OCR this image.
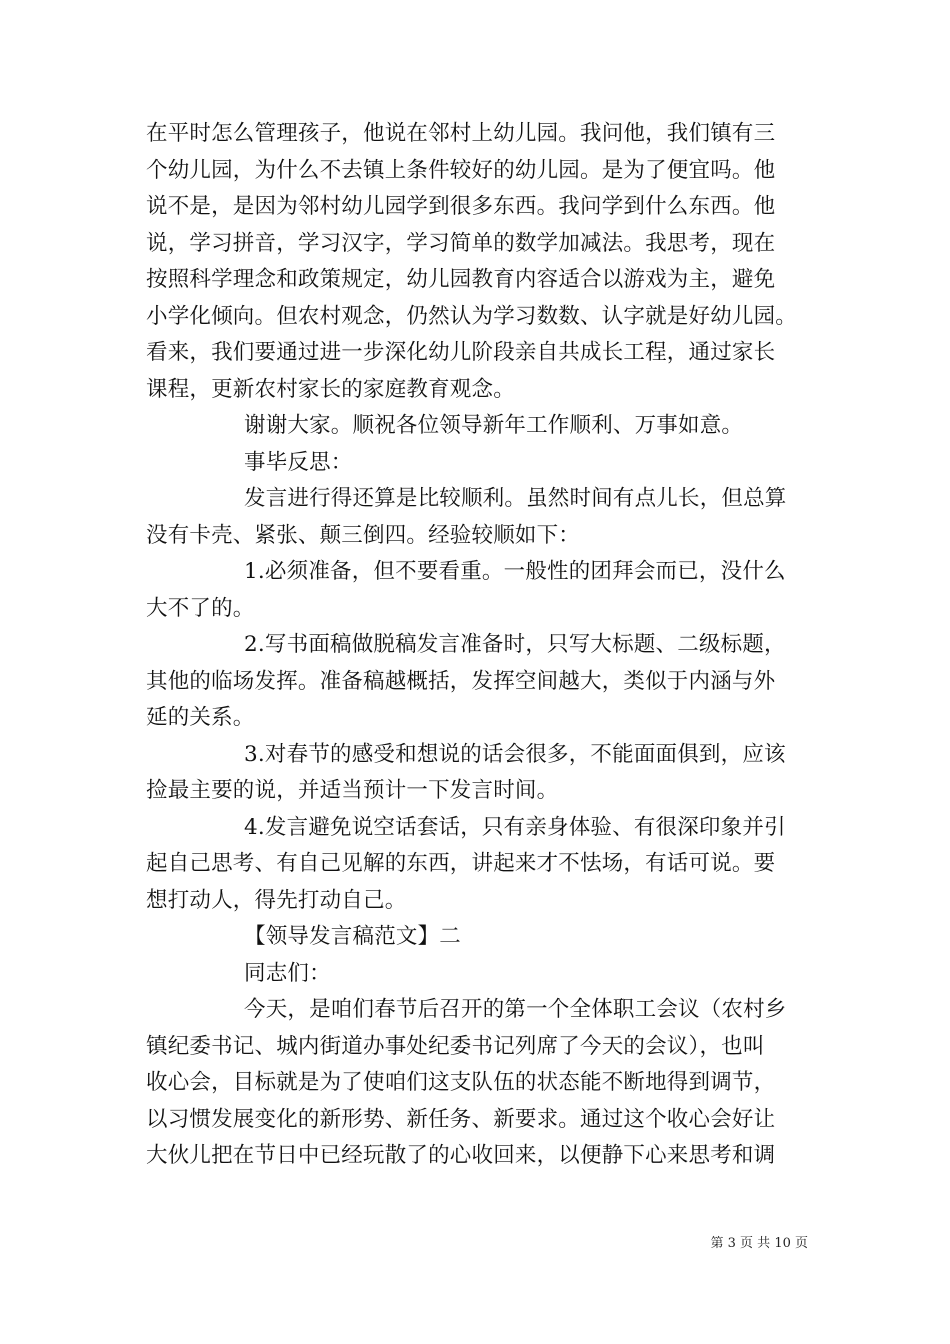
在平时怎么管理孩子，他说在邻村上幼儿园。我问他，我们镇有三
个幼儿园，为什么不去镇上条件较好的幼儿园。是为了便宜吗。他
说不是，是因为邻村幼儿园学到很多东西。我问学到什么东西。他
说，学习拼音，学习汉字，学习简单的数学加减法。我思考，现在
按照科学理念和政策规定，幼儿园教育内容适合以游戏为主，避免
小学化倾向。但农村观念，仍然认为学习数数、认字就是好幼儿园。
看来，我们要通过进一步深化幼儿阶段亲自共成长工程，通过家长
课程，更新农村家长的家庭教育观念。
谢谢大家。顺祝各位领导新年工作顺利、万事如意。
事毕反思：
发言进行得还算是比较顺利。虽然时间有点儿长，但总算
没有卡壳、紧张、颠三倒四。经验较顺如下：
1.必须准备，但不要看重。一般性的团拜会而已，没什么
大不了的。
2.写书面稿做脱稿发言准备时，只写大标题、二级标题，
其他的临场发挥。准备稿越概括，发挥空间越大，类似于内涵与外
延的关系。
3.对春节的感受和想说的话会很多，不能面面俱到，应该
捡最主要的说，并适当预计一下发言时间。
4.发言避免说空话套话，只有亲身体验、有很深印象并引
起自己思考、有自己见解的东西，讲起来才不怯场，有话可说。要
想打动人，得先打动自己。
【领导发言稿范文】二
同志们：
今天，是咱们春节后召开的第一个全体职工会议（农村乡
镇纪委书记、城内街道办事处纪委书记列席了今天的会议），也叫
收心会，目标就是为了使咱们这支队伍的状态能不断地得到调节，
以习惯发展变化的新形势、新任务、新要求。通过这个收心会好让
大伙儿把在节日中已经玩散了的心收回来，以便静下心来思考和调
第 3 页 共 10 页
